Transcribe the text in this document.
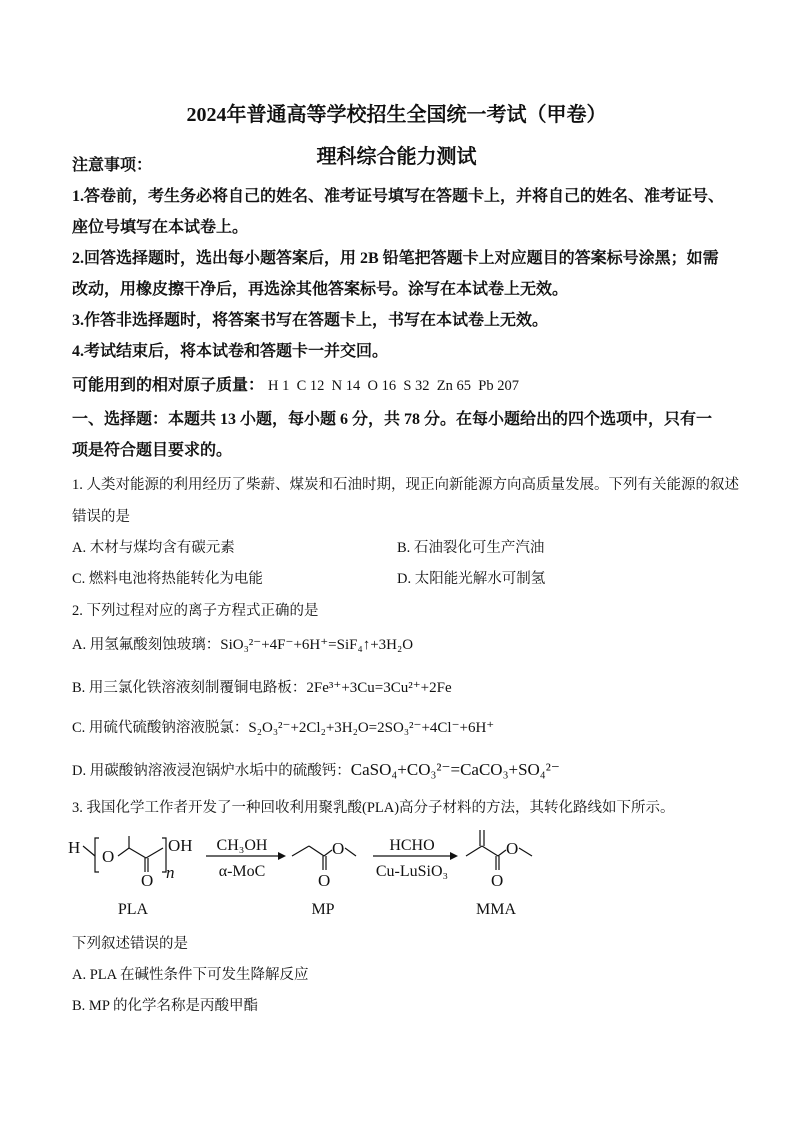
2024年普通高等学校招生全国统一考试（甲卷）
理科综合能力测试
注意事项：
1.答卷前，考生务必将自己的姓名、准考证号填写在答题卡上，并将自己的姓名、准考证号、
座位号填写在本试卷上。
2.回答选择题时，选出每小题答案后，用 2B 铅笔把答题卡上对应题目的答案标号涂黑；如需
改动，用橡皮擦干净后，再选涂其他答案标号。涂写在本试卷上无效。
3.作答非选择题时，将答案书写在答题卡上，书写在本试卷上无效。
4.考试结束后，将本试卷和答题卡一并交回。
可能用到的相对原子质量： H 1  C 12  N 14  O 16  S 32  Zn 65  Pb 207
一、选择题：本题共 13 小题，每小题 6 分，共 78 分。在每小题给出的四个选项中，只有一
项是符合题目要求的。
1. 人类对能源的利用经历了柴薪、煤炭和石油时期，现正向新能源方向高质量发展。下列有关能源的叙述
错误的是
A. 木材与煤均含有碳元素	B. 石油裂化可生产汽油
C. 燃料电池将热能转化为电能	D. 太阳能光解水可制氢
2. 下列过程对应的离子方程式正确的是
A. 用氢氟酸刻蚀玻璃：SiO₃²⁻+4F⁻+6H⁺=SiF₄↑+3H₂O
B. 用三氯化铁溶液刻制覆铜电路板：2Fe³⁺+3Cu=3Cu²⁺+2Fe
C. 用硫代硫酸钠溶液脱氯：S₂O₃²⁻+2Cl₂+3H₂O=2SO₃²⁻+4Cl⁻+6H⁺
D. 用碳酸钠溶液浸泡锅炉水垢中的硫酸钙：CaSO₄+CO₃²⁻=CaCO₃+SO₄²⁻
3. 我国化学工作者开发了一种回收利用聚乳酸(PLA)高分子材料的方法，其转化路线如下所示。
H O
O
OH
n	O
O
O
O
CH₃OH
α-MoC
HCHO
Cu-LuSiO₃
PLA	MP	MMA
下列叙述错误的是
A. PLA 在碱性条件下可发生降解反应
B. MP 的化学名称是丙酸甲酯
